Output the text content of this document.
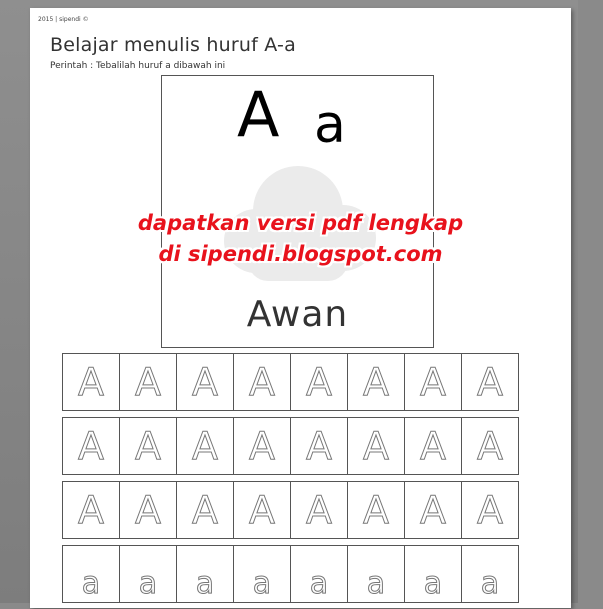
2015 | sipendi ©
Belajar menulis huruf A-a
Perintah : Tebalilah huruf a dibawah ini
A a
Awan
A A A A A A A A
A A A A A A A A
A A A A A A A A
a a a a a a a a
dapatkan versi pdf lengkap
di sipendi.blogspot.com
